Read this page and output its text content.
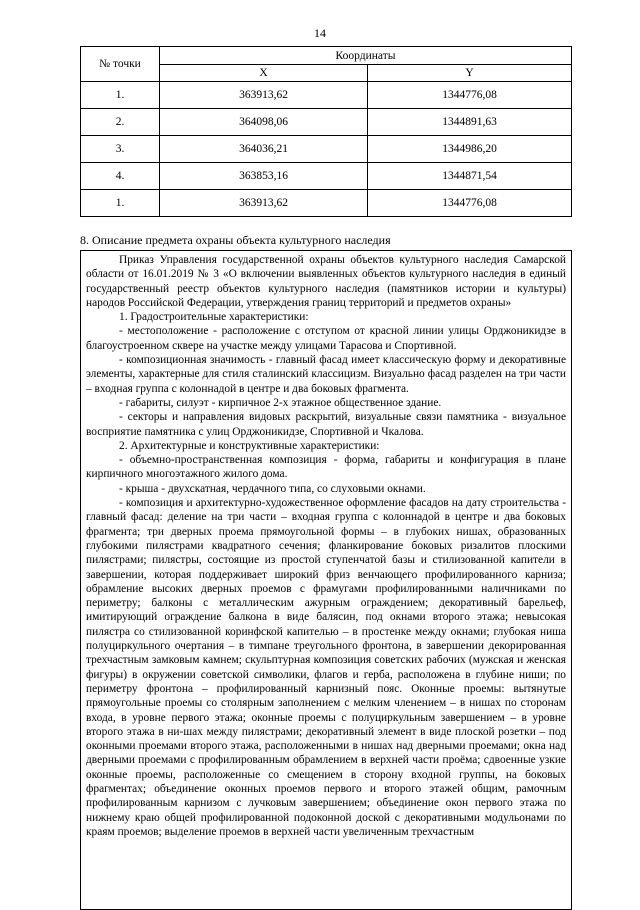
14
№ точки	Координаты	
	X	Y
1.	363913,62	1344776,08
2.	364098,06	1344891,63
3.	364036,21	1344986,20
4.	363853,16	1344871,54
1.	363913,62	1344776,08
8. Описание предмета охраны объекта культурного наследия

Приказ Управления государственной охраны объектов культурного наследия Самарской области от 16.01.2019 № 3 «О включении выявленных объектов культурного наследия в единый государственный реестр объектов культурного наследия (памятников истории и культуры) народов Российской Федерации, утверждения границ территорий и предметов охраны»

1. Градостроительные характеристики:

- местоположение - расположение с отступом от красной линии улицы Орджоникидзе в благоустроенном сквере на участке между улицами Тарасова и Спортивной.

- композиционная значимость - главный фасад имеет классическую форму и декоративные элементы, характерные для стиля сталинский классицизм. Визуально фасад разделен на три части – входная группа с колоннадой в центре и два боковых фрагмента.

- габариты, силуэт - кирпичное 2-х этажное общественное здание.

- секторы и направления видовых раскрытий, визуальные связи памятника - визуальное восприятие памятника с улиц Орджоникидзе, Спортивной и Чкалова.

2. Архитектурные и конструктивные характеристики:

- объемно-пространственная композиция - форма, габариты и конфигурация в плане кирпичного многоэтажного жилого дома.

- крыша - двухскатная, чердачного типа, со слуховыми окнами.

- композиция и архитектурно-художественное оформление фасадов на дату строительства - главный фасад: деление на три части – входная группа с колоннадой в центре и два боковых фрагмента; три дверных проема прямоугольной формы – в глубоких нишах, образованных глубокими пилястрами квадратного сечения; фланкирование боковых ризалитов плоскими пилястрами; пилястры, состоящие из простой ступенчатой базы и стилизованной капители в завершении, которая поддерживает широкий фриз венчающего профилированного карниза; обрамление высоких дверных проемов с фрамугами профилированными наличниками по периметру; балконы с металлическим ажурным ограждением; декоративный барельеф, имитирующий ограждение балкона в виде балясин, под окнами второго этажа; невысокая пилястра со стилизованной коринфской капителью – в простенке между окнами; глубокая ниша полуциркульного очертания – в тимпане треугольного фронтона, в завершении декорированная трехчастным замковым камнем; скульптурная композиция советских рабочих (мужская и женская фигуры) в окружении советской символики, флагов и герба, расположена в глубине ниши; по периметру фронтона – профилированный карнизный пояс. Оконные проемы: вытянутые прямоугольные проемы со столярным заполнением с мелким членением – в нишах по сторонам входа, в уровне первого этажа; оконные проемы с полуциркульным завершением – в уровне второго этажа в ни-шах между пилястрами; декоративный элемент в виде плоской розетки – под оконными проемами второго этажа, расположенными в нишах над дверными проемами; окна над дверными проемами с профилированным обрамлением в верхней части проёма; сдвоенные узкие оконные проемы, расположенные со смещением в сторону входной группы, на боковых фрагментах; объединение оконных проемов первого и второго этажей общим, рамочным профилированным карнизом с лучковым завершением; объединение окон первого этажа по нижнему краю общей профилированной подоконной доской с декоративными модульонами по краям проемов; выделение проемов в верхней части увеличенным трехчастным
